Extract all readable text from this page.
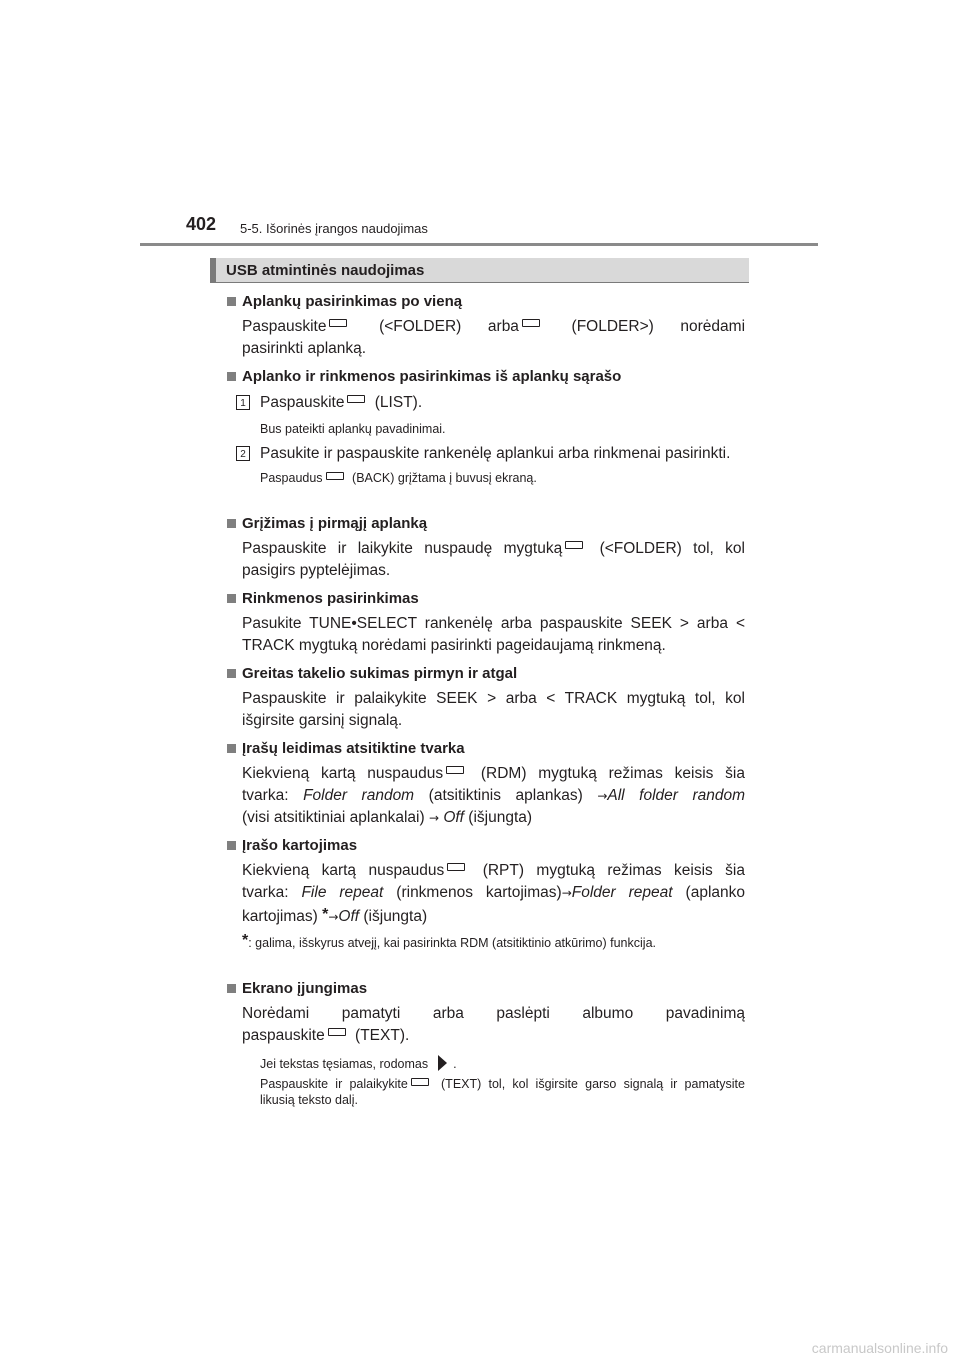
402 5-5. Išorinės įrangos naudojimas
USB atmintinės naudojimas
Aplankų pasirinkimas po vieną
Paspauskite	(<FOLDER) arba	(FOLDER>) norėdami
pasirinkti aplanką.
Aplanko ir rinkmenos pasirinkimas iš aplankų sąrašo
1 Paspauskite (LIST).
Bus pateikti aplankų pavadinimai.
2 Pasukite ir paspauskite rankenėlę aplankui arba rinkmenai pasirinkti.
Paspaudus (BACK) grįžtama į buvusį ekraną.
Grįžimas į pirmąjį aplanką
Paspauskite ir laikykite nuspaudę mygtuką (<FOLDER) tol, kol
pasigirs pyptelėjimas.
Rinkmenos pasirinkimas
Pasukite TUNE•SELECT rankenėlę arba paspauskite SEEK > arba < TRACK mygtuką norėdami pasirinkti pageidaujamą rinkmeną.
Greitas takelio sukimas pirmyn ir atgal
Paspauskite ir palaikykite SEEK > arba < TRACK mygtuką tol, kol išgirsite garsinį signalą.
Įrašų leidimas atsitiktine tvarka
Kiekvieną kartą nuspaudus (RDM) mygtuką režimas keisis šia
tvarka: Folder random (atsitiktinis aplankas) →All folder random
(visi atsitiktiniai aplankalai) → Off (išjungta)
Įrašo kartojimas
Kiekvieną kartą nuspaudus (RPT) mygtuką režimas keisis šia
tvarka: File repeat (rinkmenos kartojimas)→Folder repeat (aplanko
kartojimas) *→Off (išjungta)
*: galima, išskyrus atvejį, kai pasirinkta RDM (atsitiktinio atkūrimo) funkcija.
Ekrano įjungimas
Norėdami pamatyti arba paslėpti albumo pavadinimą
paspauskite (TEXT).
Jei tekstas tęsiamas, rodomas .
Paspauskite ir palaikykite	(TEXT) tol, kol išgirsite garso signalą ir pamatysite likusią teksto dalį.
carmanualsonline.info
